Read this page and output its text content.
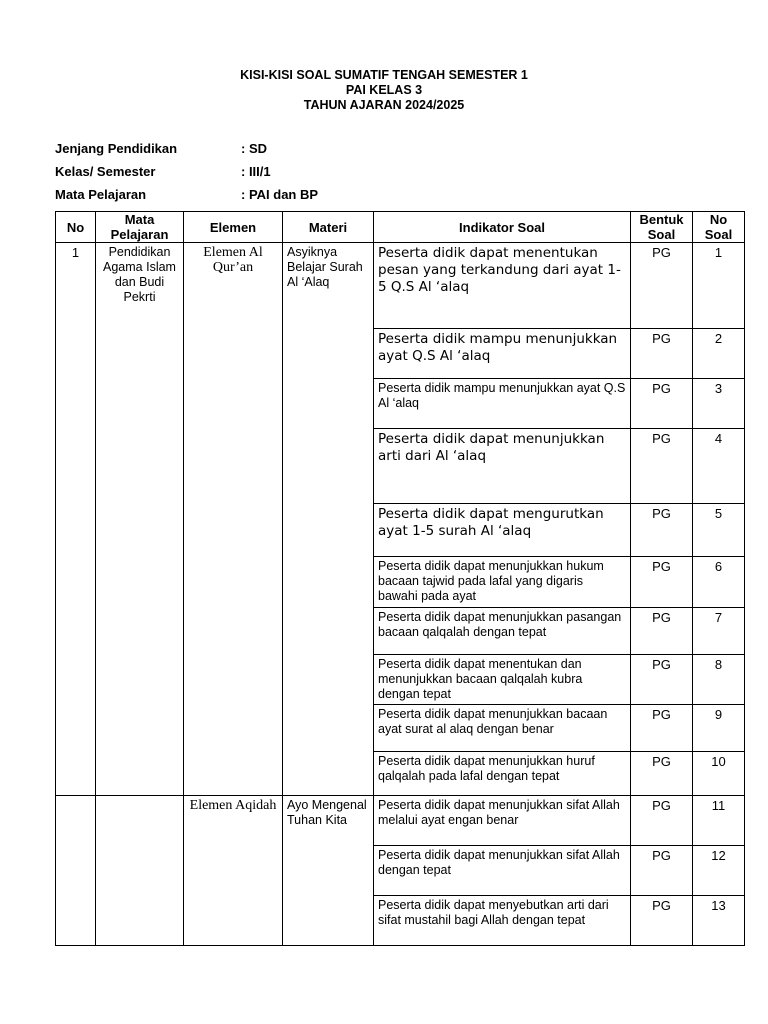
KISI-KISI SOAL SUMATIF TENGAH SEMESTER 1
PAI KELAS 3
TAHUN AJARAN 2024/2025
Jenjang Pendidikan	: SD
Kelas/ Semester	: III/1
Mata Pelajaran	: PAI dan BP
No	Mata Pelajaran	Elemen	Materi	Indikator Soal	Bentuk Soal	No Soal
1	Pendidikan Agama Islam dan Budi Pekrti	Elemen Al Qur’an	Asyiknya Belajar Surah Al ‘Alaq	Peserta didik dapat menentukan pesan yang terkandung dari ayat 1-5 Q.S Al ‘alaq	PG	1
				Peserta didik mampu menunjukkan ayat Q.S Al ‘alaq	PG	2
				Peserta didik mampu menunjukkan ayat Q.S Al ‘alaq	PG	3
				Peserta didik dapat menunjukkan arti dari Al ‘alaq	PG	4
				Peserta didik dapat mengurutkan ayat 1-5 surah Al ‘alaq	PG	5
				Peserta didik dapat menunjukkan hukum bacaan tajwid pada lafal yang digaris bawahi pada ayat	PG	6
				Peserta didik dapat menunjukkan pasangan bacaan qalqalah dengan tepat	PG	7
				Peserta didik dapat menentukan dan menunjukkan bacaan qalqalah kubra dengan tepat	PG	8
				Peserta didik dapat menunjukkan bacaan ayat surat al alaq dengan benar	PG	9
				Peserta didik dapat menunjukkan huruf qalqalah pada lafal dengan tepat	PG	10
		Elemen Aqidah	Ayo Mengenal Tuhan Kita	Peserta didik dapat menunjukkan sifat Allah melalui ayat engan benar	PG	11
				Peserta didik dapat menunjukkan sifat Allah dengan tepat	PG	12
				Peserta didik dapat menyebutkan arti dari sifat mustahil bagi Allah dengan tepat	PG	13
